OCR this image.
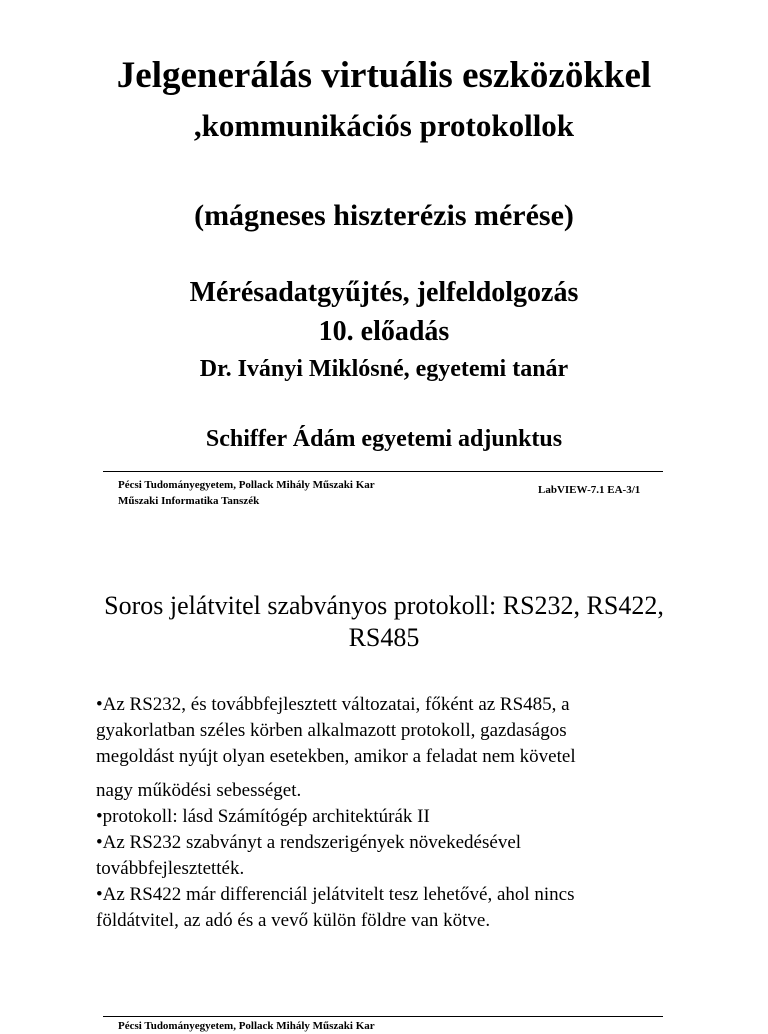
Jelgenerálás virtuális eszközökkel
,kommunikációs protokollok
(mágneses hiszterézis mérése)
Mérésadatgyűjtés, jelfeldolgozás
10. előadás
Dr. Iványi Miklósné, egyetemi tanár
Schiffer Ádám egyetemi adjunktus
Pécsi Tudományegyetem, Pollack Mihály Műszaki Kar
Műszaki Informatika Tanszék
LabVIEW-7.1 EA-3/1
Soros jelátvitel szabványos protokoll: RS232, RS422,
RS485
•Az RS232, és továbbfejlesztett változatai, főként az RS485, a
gyakorlatban széles körben alkalmazott protokoll, gazdaságos
megoldást nyújt olyan esetekben, amikor a feladat nem követel
nagy működési sebességet.
•protokoll: lásd Számítógép architektúrák II
•Az RS232 szabványt a rendszerigények növekedésével
továbbfejlesztették.
•Az RS422 már differenciál jelátvitelt tesz lehetővé, ahol nincs
földátvitel, az adó és a vevő külön földre van kötve.
Pécsi Tudományegyetem, Pollack Mihály Műszaki Kar
